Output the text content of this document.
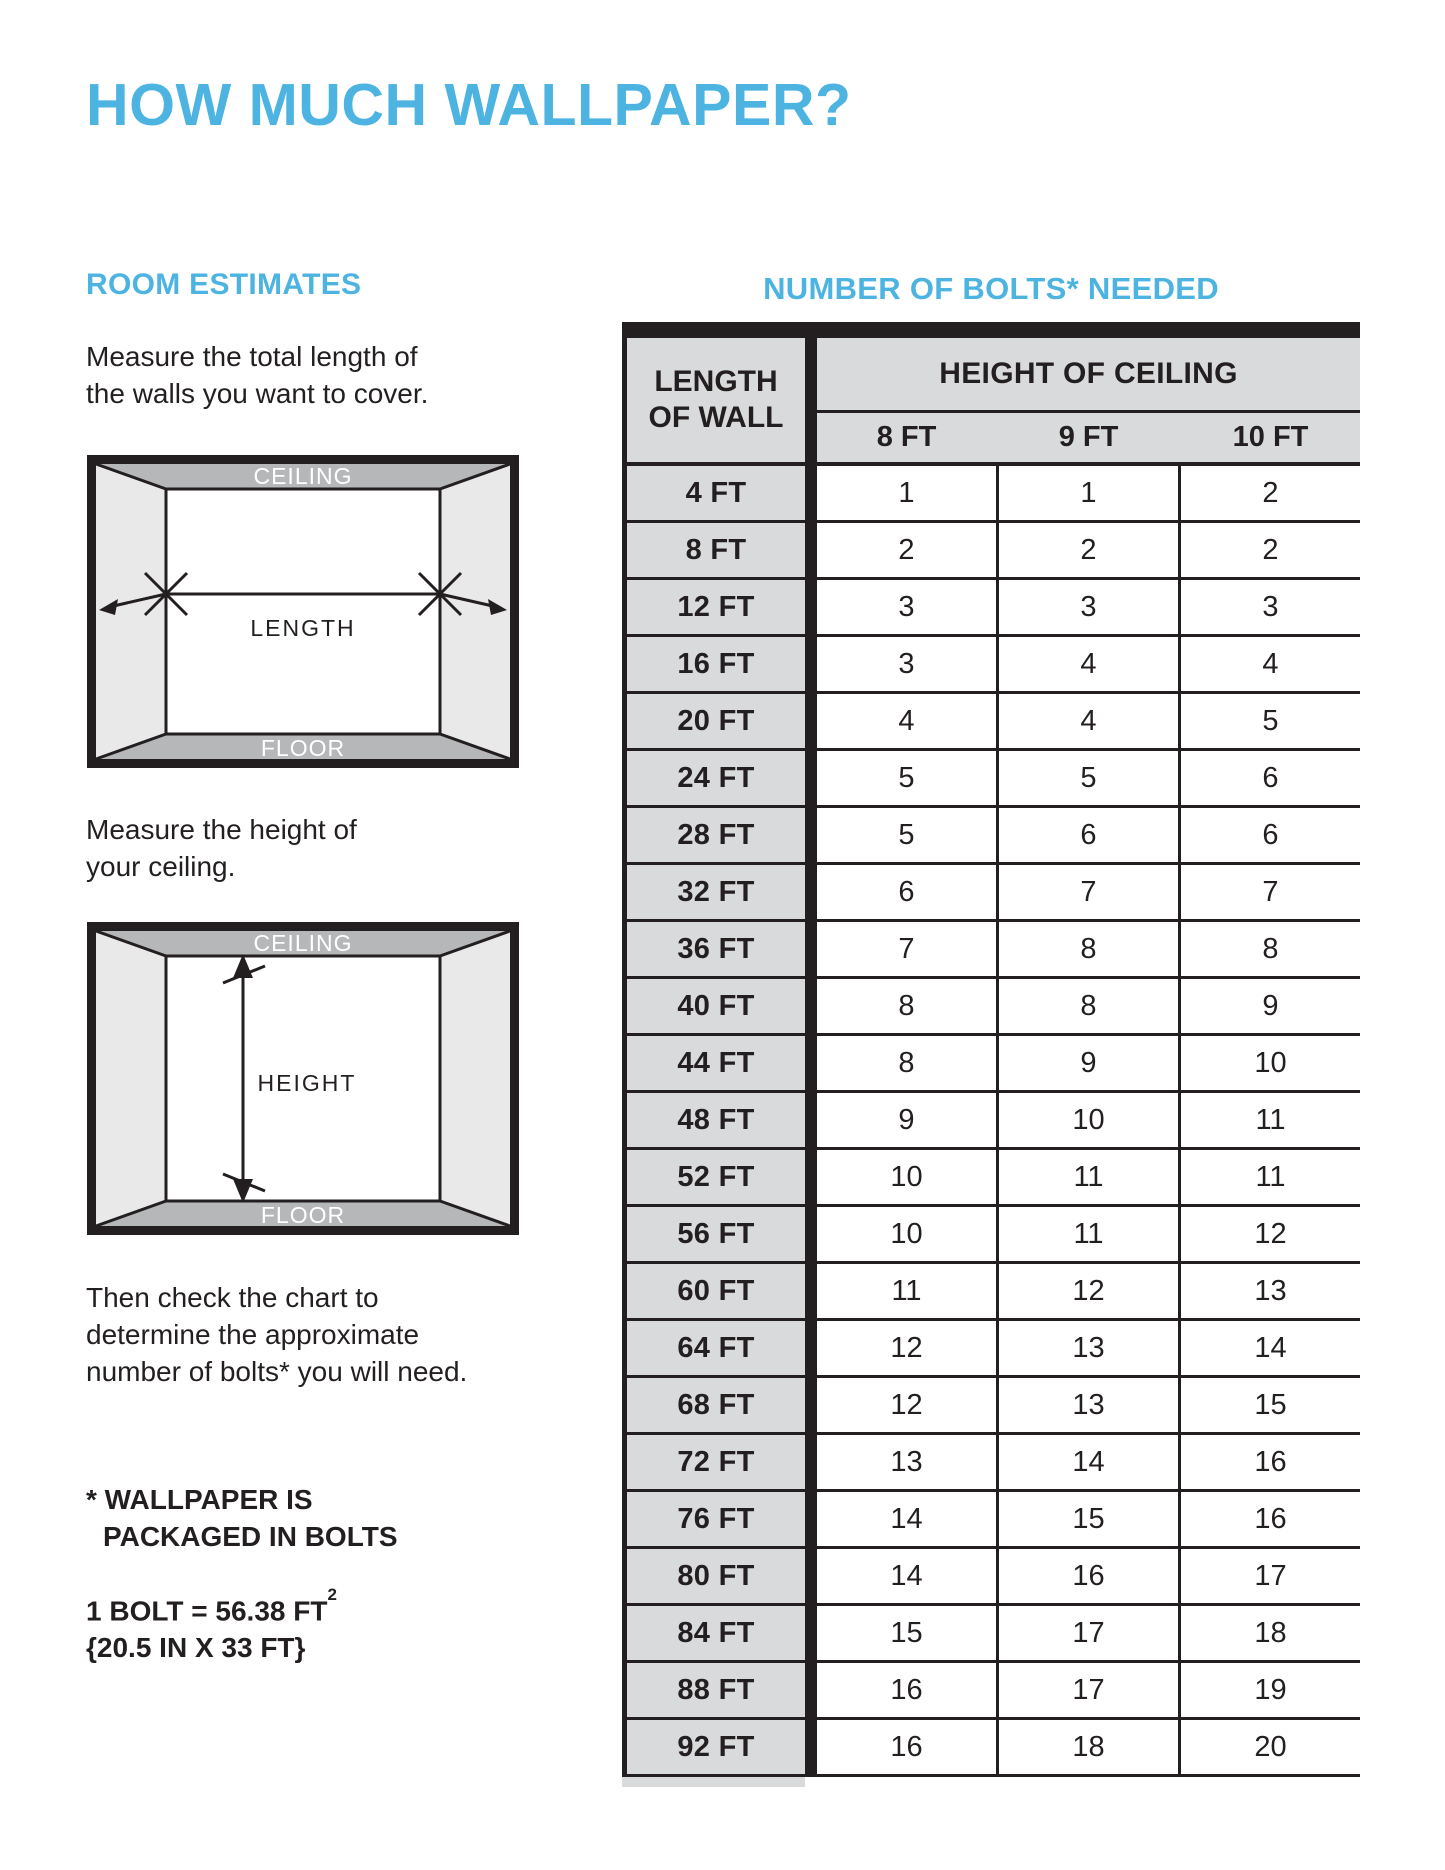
HOW MUCH WALLPAPER?
ROOM ESTIMATES
Measure the total length of
the walls you want to cover.
CEILING
FLOOR
LENGTH
Measure the height of
your ceiling.
CEILING
FLOOR
HEIGHT
Then check the chart to
determine the approximate
number of bolts* you will need.
* WALLPAPER IS
PACKAGED IN BOLTS
1 BOLT = 56.38 $FT^2$
{20.5 IN X 33 FT}
NUMBER OF BOLTS* NEEDED
LENGTH
OF WALL
HEIGHT OF CEILING
8 FT	9 FT	10 FT
4 FT	1	1	2
8 FT	2	2	2
12 FT	3	3	3
16 FT	3	4	4
20 FT	4	4	5
24 FT	5	5	6
28 FT	5	6	6
32 FT	6	7	7
36 FT	7	8	8
40 FT	8	8	9
44 FT	8	9	10
48 FT	9	10	11
52 FT	10	11	11
56 FT	10	11	12
60 FT	11	12	13
64 FT	12	13	14
68 FT	12	13	15
72 FT	13	14	16
76 FT	14	15	16
80 FT	14	16	17
84 FT	15	17	18
88 FT	16	17	19
92 FT	16	18	20
